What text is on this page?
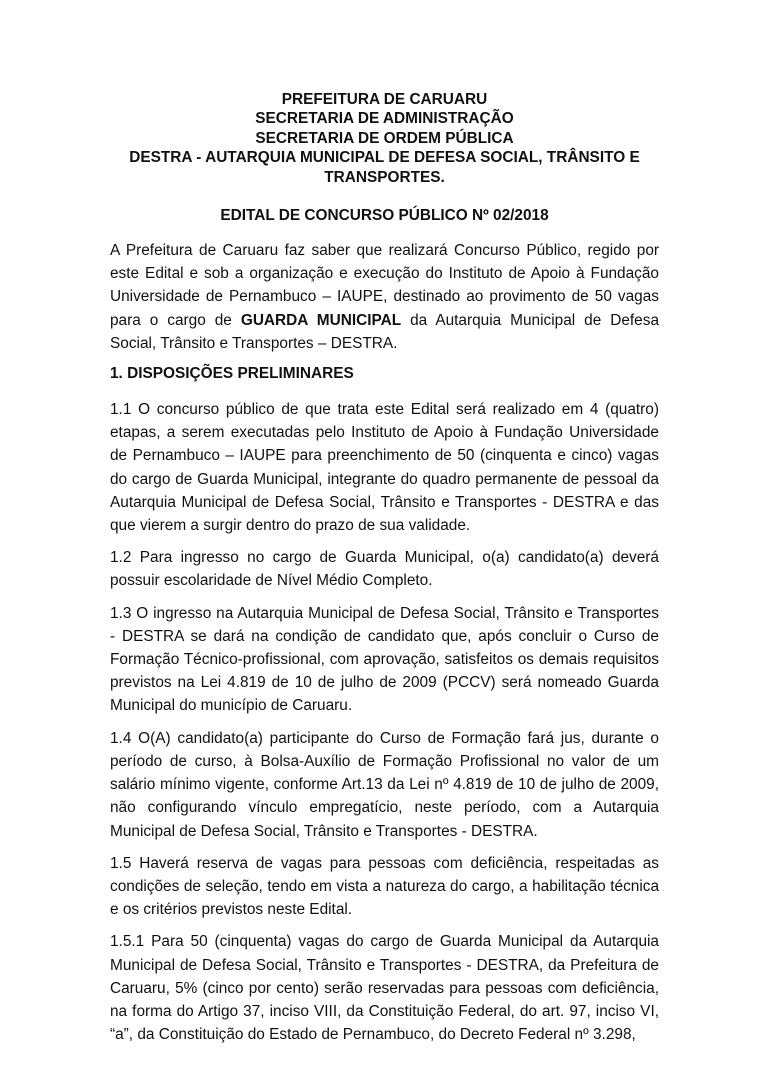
PREFEITURA DE CARUARU
SECRETARIA DE ADMINISTRAÇÃO
SECRETARIA DE ORDEM PÚBLICA
DESTRA - AUTARQUIA MUNICIPAL DE DEFESA SOCIAL, TRÂNSITO E
TRANSPORTES.
EDITAL DE CONCURSO PÚBLICO Nº 02/2018

A Prefeitura de Caruaru faz saber que realizará Concurso Público, regido por este Edital e sob a organização e execução do Instituto de Apoio à Fundação Universidade de Pernambuco – IAUPE, destinado ao provimento de 50 vagas para o cargo de GUARDA MUNICIPAL da Autarquia Municipal de Defesa Social, Trânsito e Transportes – DESTRA.

1. DISPOSIÇÕES PRELIMINARES

1.1 O concurso público de que trata este Edital será realizado em 4 (quatro) etapas, a serem executadas pelo Instituto de Apoio à Fundação Universidade de Pernambuco – IAUPE para preenchimento de 50 (cinquenta e cinco) vagas do cargo de Guarda Municipal, integrante do quadro permanente de pessoal da Autarquia Municipal de Defesa Social, Trânsito e Transportes - DESTRA e das que vierem a surgir dentro do prazo de sua validade.

1.2 Para ingresso no cargo de Guarda Municipal, o(a) candidato(a) deverá possuir escolaridade de Nível Médio Completo.

1.3 O ingresso na Autarquia Municipal de Defesa Social, Trânsito e Transportes - DESTRA se dará na condição de candidato que, após concluir o Curso de Formação Técnico-profissional, com aprovação, satisfeitos os demais requisitos previstos na Lei 4.819 de 10 de julho de 2009 (PCCV) será nomeado Guarda Municipal do município de Caruaru.

1.4 O(A) candidato(a) participante do Curso de Formação fará jus, durante o período de curso, à Bolsa-Auxílio de Formação Profissional no valor de um salário mínimo vigente, conforme Art.13 da Lei nº 4.819 de 10 de julho de 2009, não configurando vínculo empregatício, neste período, com a Autarquia Municipal de Defesa Social, Trânsito e Transportes - DESTRA.

1.5 Haverá reserva de vagas para pessoas com deficiência, respeitadas as condições de seleção, tendo em vista a natureza do cargo, a habilitação técnica e os critérios previstos neste Edital.

1.5.1 Para 50 (cinquenta) vagas do cargo de Guarda Municipal da Autarquia Municipal de Defesa Social, Trânsito e Transportes - DESTRA, da Prefeitura de Caruaru, 5% (cinco por cento) serão reservadas para pessoas com deficiência, na forma do Artigo 37, inciso VIII, da Constituição Federal, do art. 97, inciso VI, “a”, da Constituição do Estado de Pernambuco, do Decreto Federal nº 3.298,
